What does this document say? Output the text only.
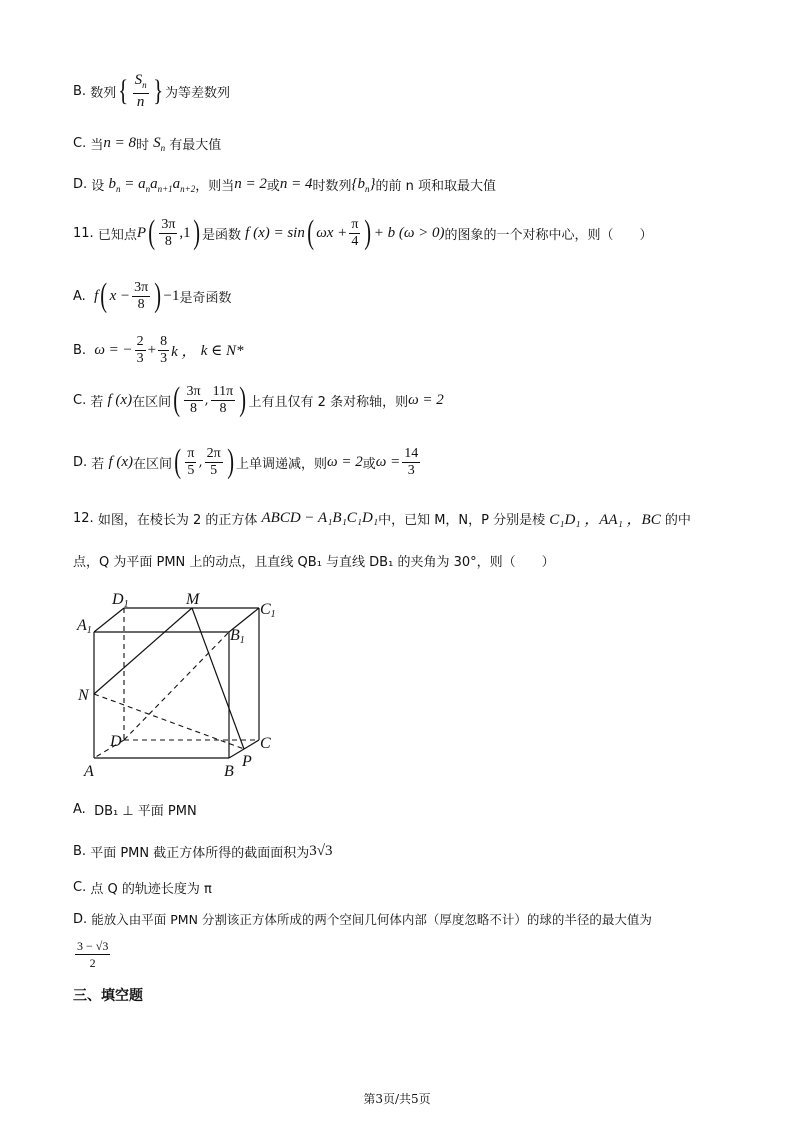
B.
数列 { $\frac{S_n}{n}$ } 为等差数列
C.
当 n = 8 时
$S_n$
有最大值
D.
设
$b_n = a_na_{n+1}a_{n+2}$ ，则当 n = 2 或 n = 4 时数列 $\{b_n\}$ 的前 n 项和取最大值
11.
已知点 P ( $\frac{3\pi}{8} ,1$ ) 是函数
f (x) = sin ( $\omega x + \frac{\pi}{4}$ ) + b (ω > 0) 的图象的一个对称中心，则（　　）
A.
f ( $x - \frac{3\pi}{8}$ ) −1 是奇函数
B.
ω = − $\frac{2}{3} + \frac{8}{3}$ k ，
k ∈ N*
C.
若
f (x) 在区间 ( $\frac{3\pi}{8}$ , $\frac{11\pi}{8}$ ) 上有且仅有 2 条对称轴，则 ω = 2
D.
若
f (x) 在区间 ( $\frac{\pi}{5}$ , $\frac{2\pi}{5}$ ) 上单调递减，则 ω = 2 或 $\omega = \frac{14}{3}$
12.
如图，在棱长为 2 的正方体
ABCD − A₁B₁C₁D₁ 中，已知 M，N，P 分别是棱
C₁D₁ ，AA₁ ，BC
的中
点，Q 为平面 PMN 上的动点，且直线 QB₁ 与直线 DB₁ 的夹角为 30°，则（　　）
D1	M
C1
A1	B1
N
D	C
P
A	B
A.
DB₁ ⊥ 平面 PMN
B.
平面 PMN 截正方体所得的截面面积为 3√3
C.
点 Q 的轨迹长度为 π
D.
能放入由平面 PMN 分割该正方体所成的两个空间几何体内部（厚度忽略不计）的球的半径的最大值为
$\frac{3 - √3}{2}$
三、填空题
第3页/共5页
